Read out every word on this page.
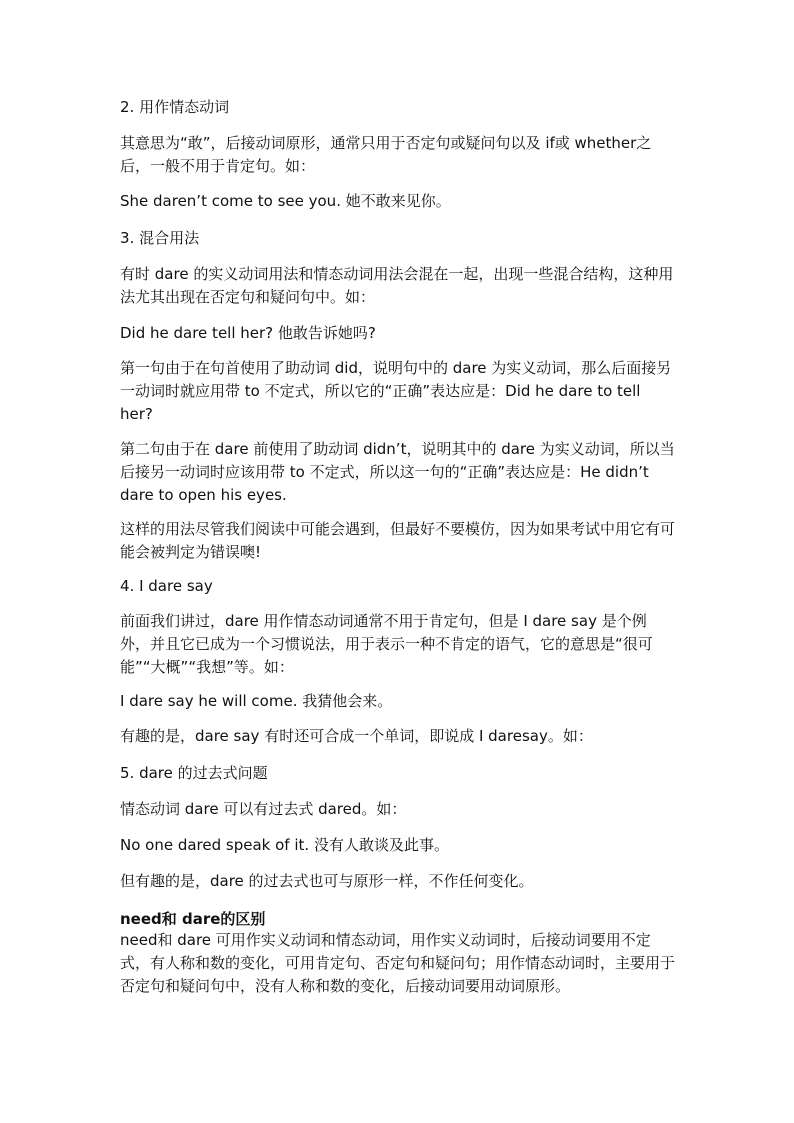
2. 用作情态动词

其意思为“敢”，后接动词原形，通常只用于否定句或疑问句以及 if或 whether之后，一般不用于肯定句。如：

She daren’t come to see you. 她不敢来见你。

3. 混合用法

有时 dare 的实义动词用法和情态动词用法会混在一起，出现一些混合结构，这种用法尤其出现在否定句和疑问句中。如：

Did he dare tell her? 他敢告诉她吗?

第一句由于在句首使用了助动词 did，说明句中的 dare 为实义动词，那么后面接另一动词时就应用带 to 不定式，所以它的“正确”表达应是：Did he dare to tell her?

第二句由于在 dare 前使用了助动词 didn’t，说明其中的 dare 为实义动词，所以当后接另一动词时应该用带 to 不定式，所以这一句的“正确”表达应是：He didn’t dare to open his eyes.

这样的用法尽管我们阅读中可能会遇到，但最好不要模仿，因为如果考试中用它有可能会被判定为错误噢!

4. I dare say

前面我们讲过，dare 用作情态动词通常不用于肯定句，但是 I dare say 是个例外，并且它已成为一个习惯说法，用于表示一种不肯定的语气，它的意思是“很可能”“大概”“我想”等。如：

I dare say he will come. 我猜他会来。

有趣的是，dare say 有时还可合成一个单词，即说成 I daresay。如：

5. dare 的过去式问题

情态动词 dare 可以有过去式 dared。如：

No one dared speak of it. 没有人敢谈及此事。

但有趣的是，dare 的过去式也可与原形一样，不作任何变化。

need和 dare的区别

need和 dare 可用作实义动词和情态动词，用作实义动词时，后接动词要用不定式，有人称和数的变化，可用肯定句、否定句和疑问句；用作情态动词时，主要用于否定句和疑问句中，没有人称和数的变化，后接动词要用动词原形。
